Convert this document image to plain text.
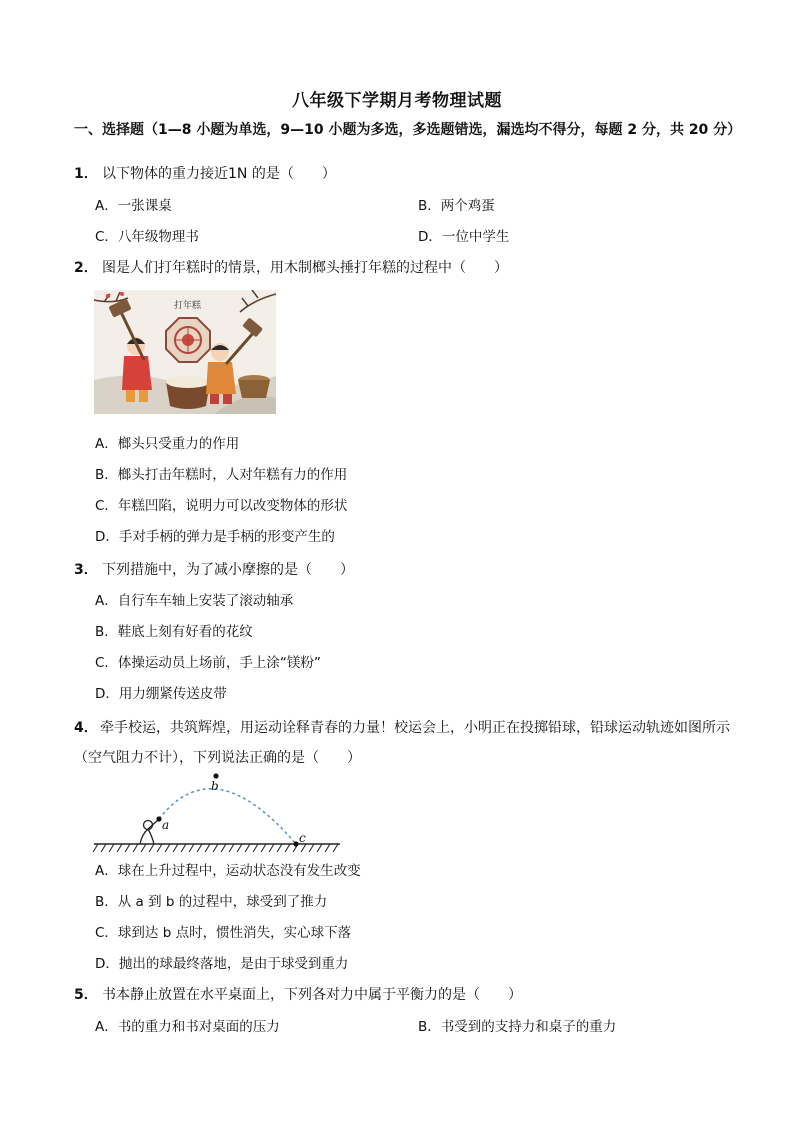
八年级下学期月考物理试题
一、选择题（1—8 小题为单选，9—10 小题为多选，多选题错选，漏选均不得分，每题 2 分，共 20 分）
1． 以下物体的重力接近1N 的是（　　）
A．一张课桌	B．两个鸡蛋
C．八年级物理书	D．一位中学生
2． 图是人们打年糕时的情景，用木制榔头捶打年糕的过程中（　　）
打年糕
A．榔头只受重力的作用
B．榔头打击年糕时，人对年糕有力的作用
C．年糕凹陷，说明力可以改变物体的形状
D．手对手柄的弹力是手柄的形变产生的
3． 下列措施中，为了减小摩擦的是（　　）
A．自行车车轴上安装了滚动轴承
B．鞋底上刻有好看的花纹
C．体操运动员上场前，手上涂“镁粉”
D．用力绷紧传送皮带
4． 牵手校运，共筑辉煌，用运动诠释青春的力量！校运会上，小明正在投掷铅球，铅球运动轨迹如图所示（空气阻力不计），下列说法正确的是（　　）
a
b
c
A．球在上升过程中，运动状态没有发生改变
B．从 a 到 b 的过程中，球受到了推力
C．球到达 b 点时，惯性消失，实心球下落
D．抛出的球最终落地，是由于球受到重力
5． 书本静止放置在水平桌面上，下列各对力中属于平衡力的是（　　）
A．书的重力和书对桌面的压力	B．书受到的支持力和桌子的重力
